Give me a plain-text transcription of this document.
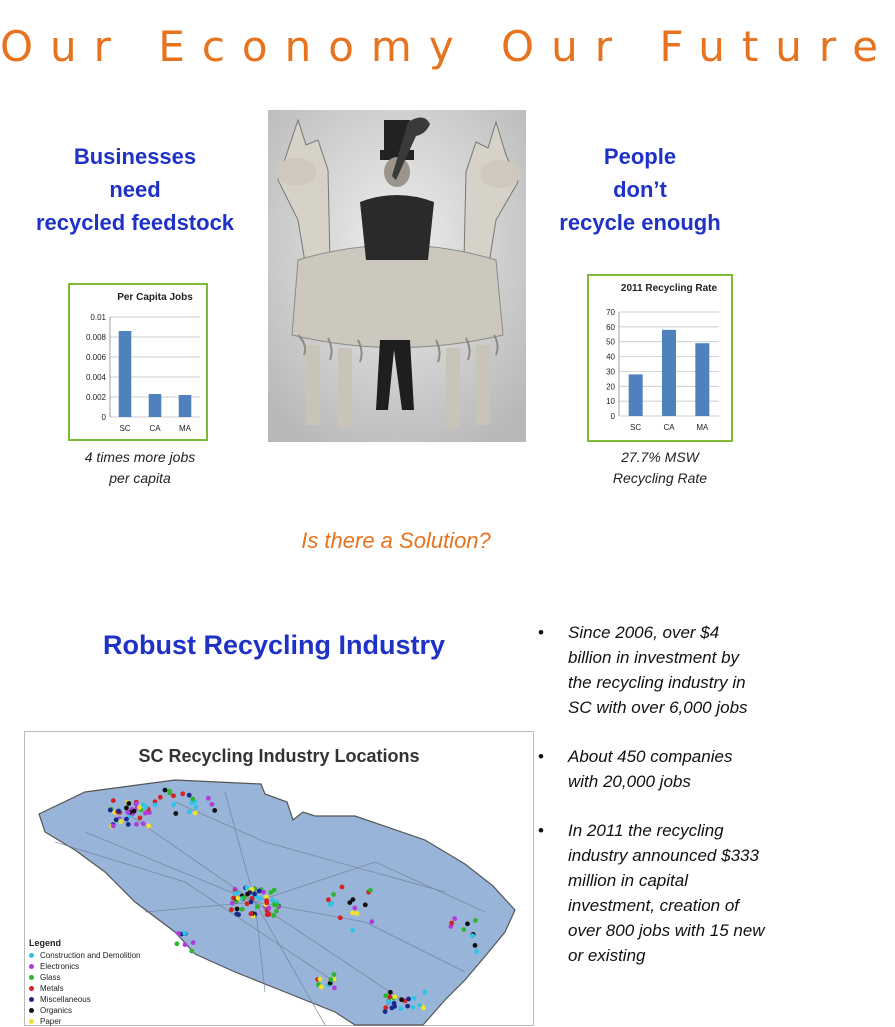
Our Economy Our Future
Businesses
need
recycled feedstock
People
don’t
recycle enough
Per Capita Jobs
0.01
0.008
0.006
0.004
0.002
0
SC CA MA
2011 Recycling Rate
70
60
50
40
30
20
10
0
SC	CA	MA
4 times more jobs
per capita
27.7% MSW
Recycling Rate
Is there a Solution?
Robust Recycling Industry
SC Recycling Industry Locations
Legend
Construction and Demolition
Electronics
Glass
Metals
Miscellaneous
Organics
Paper
• Since 2006, over $4 billion in investment by the recycling industry in SC with over 6,000 jobs
• About 450 companies with 20,000 jobs
• In 2011 the recycling industry announced $333 million in capital investment, creation of over 800 jobs with 15 new or existing
